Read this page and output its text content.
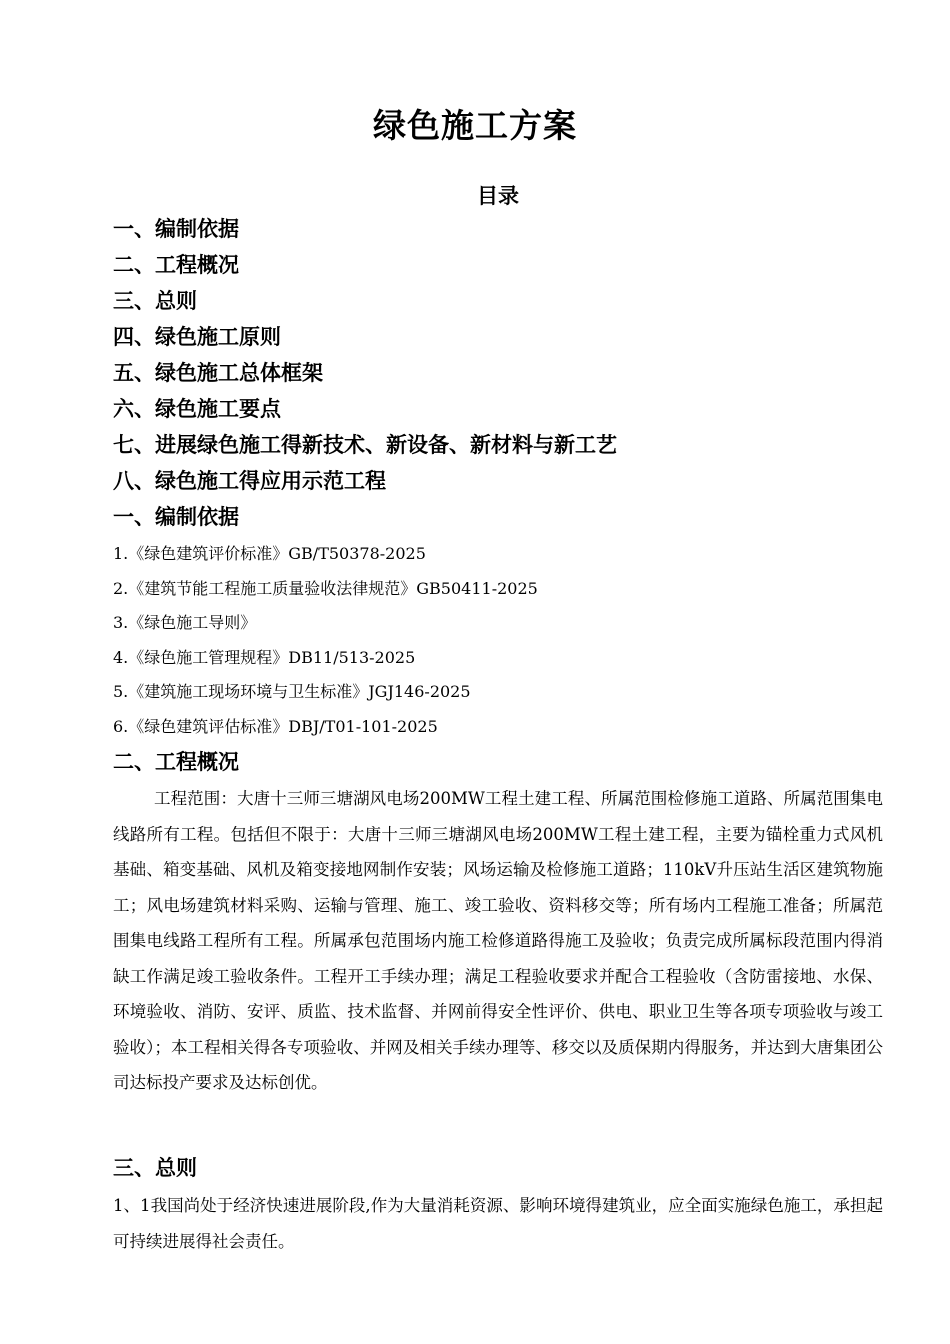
绿色施工方案
目录
一、编制依据
二、工程概况
三、总则
四、绿色施工原则
五、绿色施工总体框架
六、绿色施工要点
七、进展绿色施工得新技术、新设备、新材料与新工艺
八、绿色施工得应用示范工程
一、编制依据
1.《绿色建筑评价标准》GB/T50378-2025
2.《建筑节能工程施工质量验收法律规范》GB50411-2025
3.《绿色施工导则》
4.《绿色施工管理规程》DB11/513-2025
5.《建筑施工现场环境与卫生标准》JGJ146-2025
6.《绿色建筑评估标准》DBJ/T01-101-2025
二、工程概况
工程范围：大唐十三师三塘湖风电场200MW工程土建工程、所属范围检修施工道路、所属范围集电线路所有工程。包括但不限于：大唐十三师三塘湖风电场200MW工程土建工程，主要为锚栓重力式风机基础、箱变基础、风机及箱变接地网制作安装；风场运输及检修施工道路；110kV升压站生活区建筑物施工；风电场建筑材料采购、运输与管理、施工、竣工验收、资料移交等；所有场内工程施工准备；所属范围集电线路工程所有工程。所属承包范围场内施工检修道路得施工及验收；负责完成所属标段范围内得消缺工作满足竣工验收条件。工程开工手续办理；满足工程验收要求并配合工程验收（含防雷接地、水保、环境验收、消防、安评、质监、技术监督、并网前得安全性评价、供电、职业卫生等各项专项验收与竣工验收）；本工程相关得各专项验收、并网及相关手续办理等、移交以及质保期内得服务，并达到大唐集团公司达标投产要求及达标创优。
三、总则
1、1我国尚处于经济快速进展阶段,作为大量消耗资源、影响环境得建筑业，应全面实施绿色施工，承担起可持续进展得社会责任。
